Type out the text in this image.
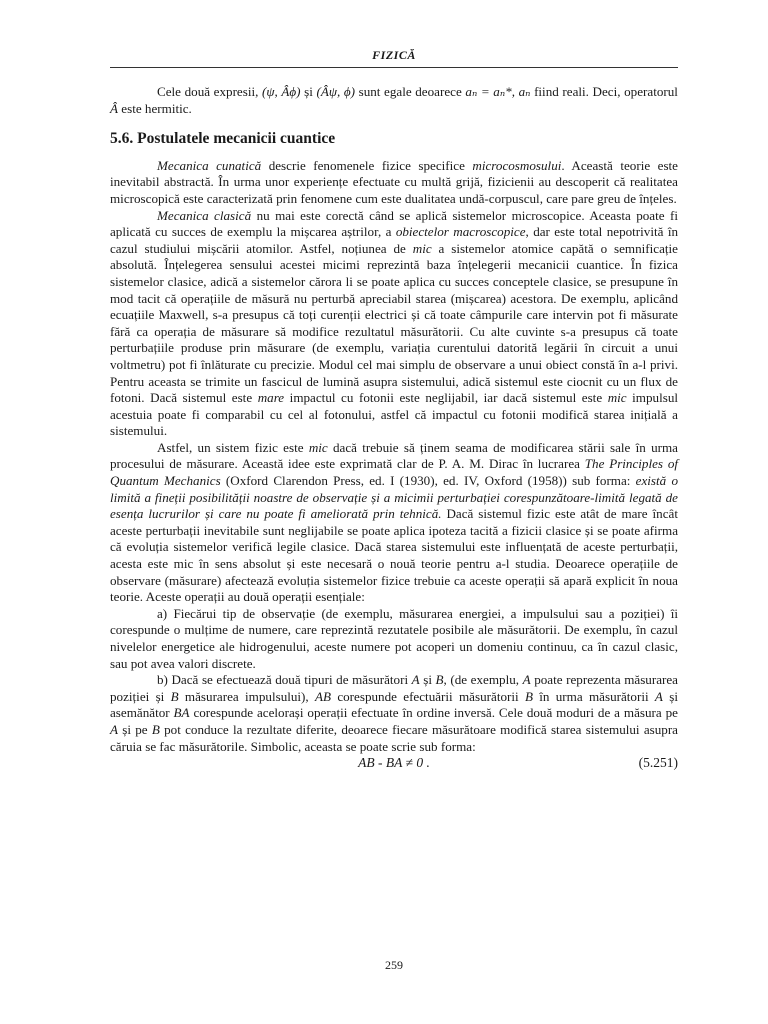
FIZICĂ

Cele două expresii, (ψ, Âϕ) și (Âψ, ϕ) sunt egale deoarece aₙ = aₙ*, aₙ fiind reali. Deci, operatorul Â este hermitic.

5.6. Postulatele mecanicii cuantice

Mecanica cunatică descrie fenomenele fizice specifice microcosmosului. Această teorie este inevitabil abstractă. În urma unor experiențe efectuate cu multă grijă, fizicienii au descoperit că realitatea microscopică este caracterizată prin fenomene cum este dualitatea undă-corpuscul, care pare greu de înțeles.

Mecanica clasică nu mai este corectă când se aplică sistemelor microscopice. Aceasta poate fi aplicată cu succes de exemplu la mișcarea aștrilor, a obiectelor macroscopice, dar este total nepotrivită în cazul studiului mișcării atomilor. Astfel, noțiunea de mic a sistemelor atomice capătă o semnificație absolută. Înțelegerea sensului acestei micimi reprezintă baza înțelegerii mecanicii cuantice. În fizica sistemelor clasice, adică a sistemelor cărora li se poate aplica cu succes conceptele clasice, se presupune în mod tacit că operațiile de măsură nu perturbă apreciabil starea (mișcarea) acestora. De exemplu, aplicând ecuațiile Maxwell, s-a presupus că toți curenții electrici și că toate câmpurile care intervin pot fi măsurate fără ca operația de măsurare să modifice rezultatul măsurătorii. Cu alte cuvinte s-a presupus că toate perturbațiile produse prin măsurare (de exemplu, variația curentului datorită legării în circuit a unui voltmetru) pot fi înlăturate cu precizie. Modul cel mai simplu de observare a unui obiect constă în a-l privi. Pentru aceasta se trimite un fascicul de lumină asupra sistemului, adică sistemul este ciocnit cu un flux de fotoni. Dacă sistemul este mare impactul cu fotonii este neglijabil, iar dacă sistemul este mic impulsul acestuia poate fi comparabil cu cel al fotonului, astfel că impactul cu fotonii modifică starea inițială a sistemului.

Astfel, un sistem fizic este mic dacă trebuie să ținem seama de modificarea stării sale în urma procesului de măsurare. Această idee este exprimată clar de P. A. M. Dirac în lucrarea The Principles of Quantum Mechanics (Oxford Clarendon Press, ed. I (1930), ed. IV, Oxford (1958)) sub forma: există o limită a fineții posibilității noastre de observație și a micimii perturbației corespunzătoare-limită legată de esența lucrurilor și care nu poate fi ameliorată prin tehnică. Dacă sistemul fizic este atât de mare încât aceste perturbații inevitabile sunt neglijabile se poate aplica ipoteza tacită a fizicii clasice și se poate afirma că evoluția sistemelor verifică legile clasice. Dacă starea sistemului este influențată de aceste perturbații, acesta este mic în sens absolut și este necesară o nouă teorie pentru a-l studia. Deoarece operațiile de observare (măsurare) afectează evoluția sistemelor fizice trebuie ca aceste operații să apară explicit în noua teorie. Aceste operații au două operații esențiale:

a) Fiecărui tip de observație (de exemplu, măsurarea energiei, a impulsului sau a poziției) îi corespunde o mulțime de numere, care reprezintă rezutatele posibile ale măsurătorii. De exemplu, în cazul nivelelor energetice ale hidrogenului, aceste numere pot acoperi un domeniu continuu, ca în cazul clasic, sau pot avea valori discrete.

b) Dacă se efectuează două tipuri de măsurători A și B, (de exemplu, A poate reprezenta măsurarea poziției și B măsurarea impulsului), AB corespunde efectuării măsurătorii B în urma măsurătorii A și asemănător BA corespunde acelorași operații efectuate în ordine inversă. Cele două moduri de a măsura pe A și pe B pot conduce la rezultate diferite, deoarece fiecare măsurătoare modifică starea sistemului asupra căruia se fac măsurătorile. Simbolic, aceasta se poate scrie sub forma:

AB - BA ≠ 0 .	(5.251)
259
